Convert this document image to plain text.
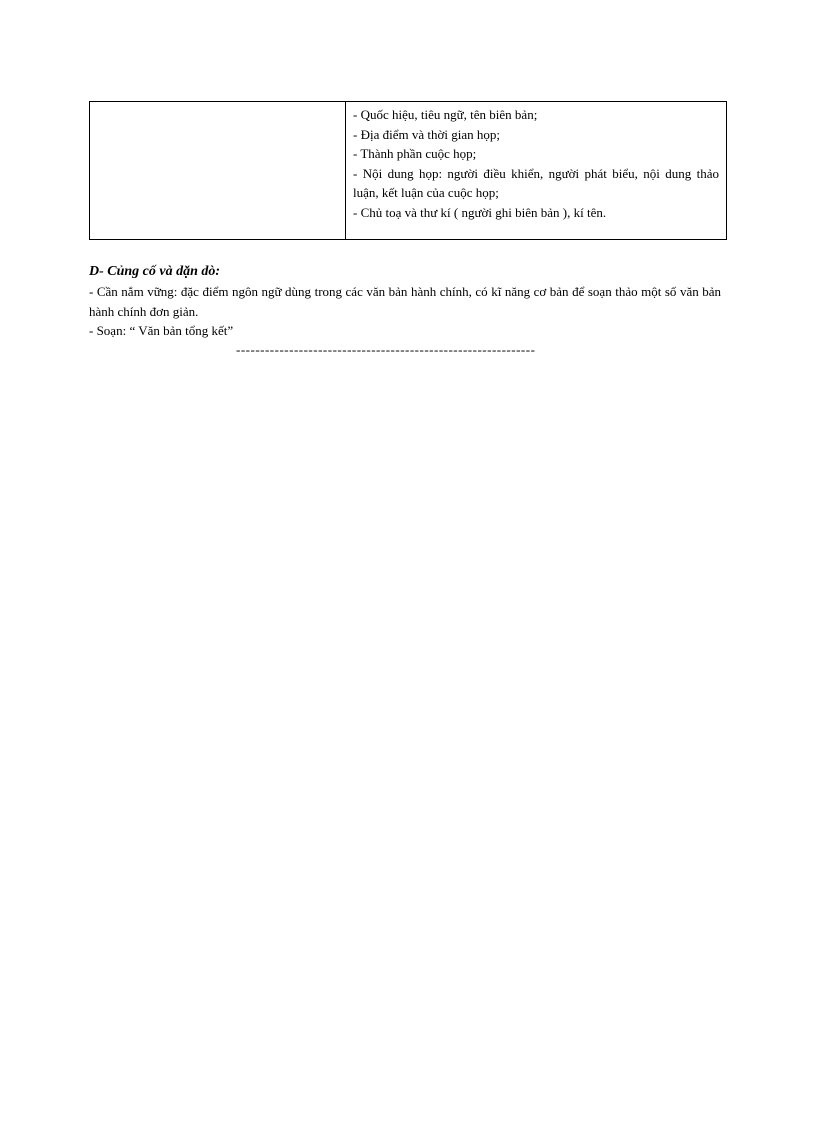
- Quốc hiệu, tiêu ngữ, tên biên bản;
- Địa điểm và thời gian họp;
- Thành phần cuộc họp;
- Nội dung họp: người điều khiển, người phát biểu, nội dung thảo luận, kết luận của cuộc họp;
- Chủ toạ và thư kí ( người ghi biên bản ), kí tên.
D- Củng cố và dặn dò:
- Cần nắm vững: đặc điểm ngôn ngữ dùng trong các văn bản hành chính, có kĩ năng cơ bản để soạn thảo một số văn bản hành chính đơn giản.
- Soạn: “ Văn bản tổng kết”
--------------------------------------------------------------
